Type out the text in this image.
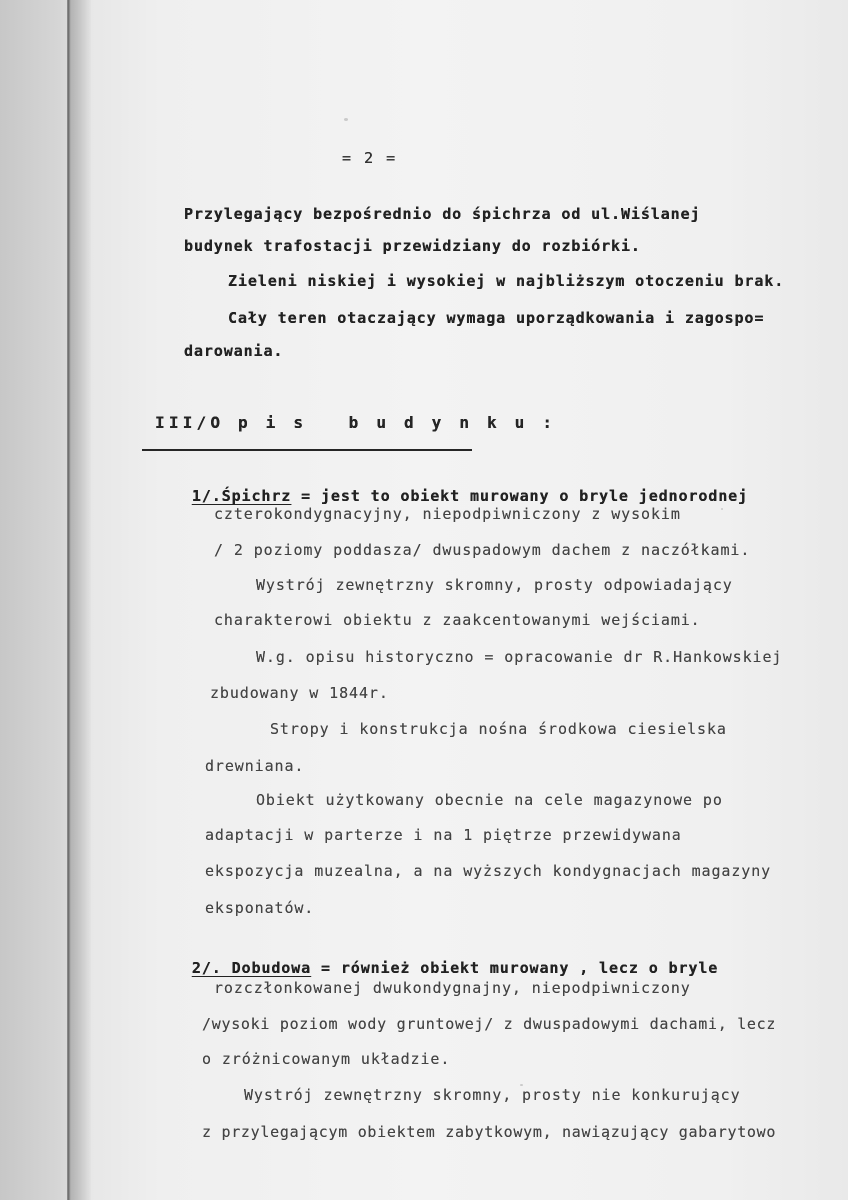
= 2 =
Przylegający bezpośrednio do śpichrza od ul.Wiślanej
budynek trafostacji przewidziany do rozbiórki.
Zieleni niskiej i wysokiej w najbliższym otoczeniu brak.
Cały teren otaczający wymaga uporządkowania i zagospo=
darowania.
III/O p i s   b u d y n k u :

1/.Śpichrz = jest to obiekt murowany o bryle jednorodnej

czterokondygnacyjny, niepodpiwniczony z wysokim
/ 2 poziomy poddasza/ dwuspadowym dachem z naczółkami.
Wystrój zewnętrzny skromny, prosty odpowiadający
charakterowi obiektu z zaakcentowanymi wejściami.
W.g. opisu historyczno = opracowanie dr R.Hankowskiej
zbudowany w 1844r.
Stropy i konstrukcja nośna środkowa ciesielska
drewniana.
Obiekt użytkowany obecnie na cele magazynowe po
adaptacji w parterze i na 1 piętrze przewidywana
ekspozycja muzealna, a na wyższych kondygnacjach magazyny
eksponatów.

2/. Dobudowa = również obiekt murowany , lecz o bryle

rozczłonkowanej dwukondygnajny, niepodpiwniczony
/wysoki poziom wody gruntowej/ z dwuspadowymi dachami, lecz
o zróżnicowanym układzie.
Wystrój zewnętrzny skromny, prosty nie konkurujący
z przylegającym obiektem zabytkowym, nawiązujący gabarytowo
